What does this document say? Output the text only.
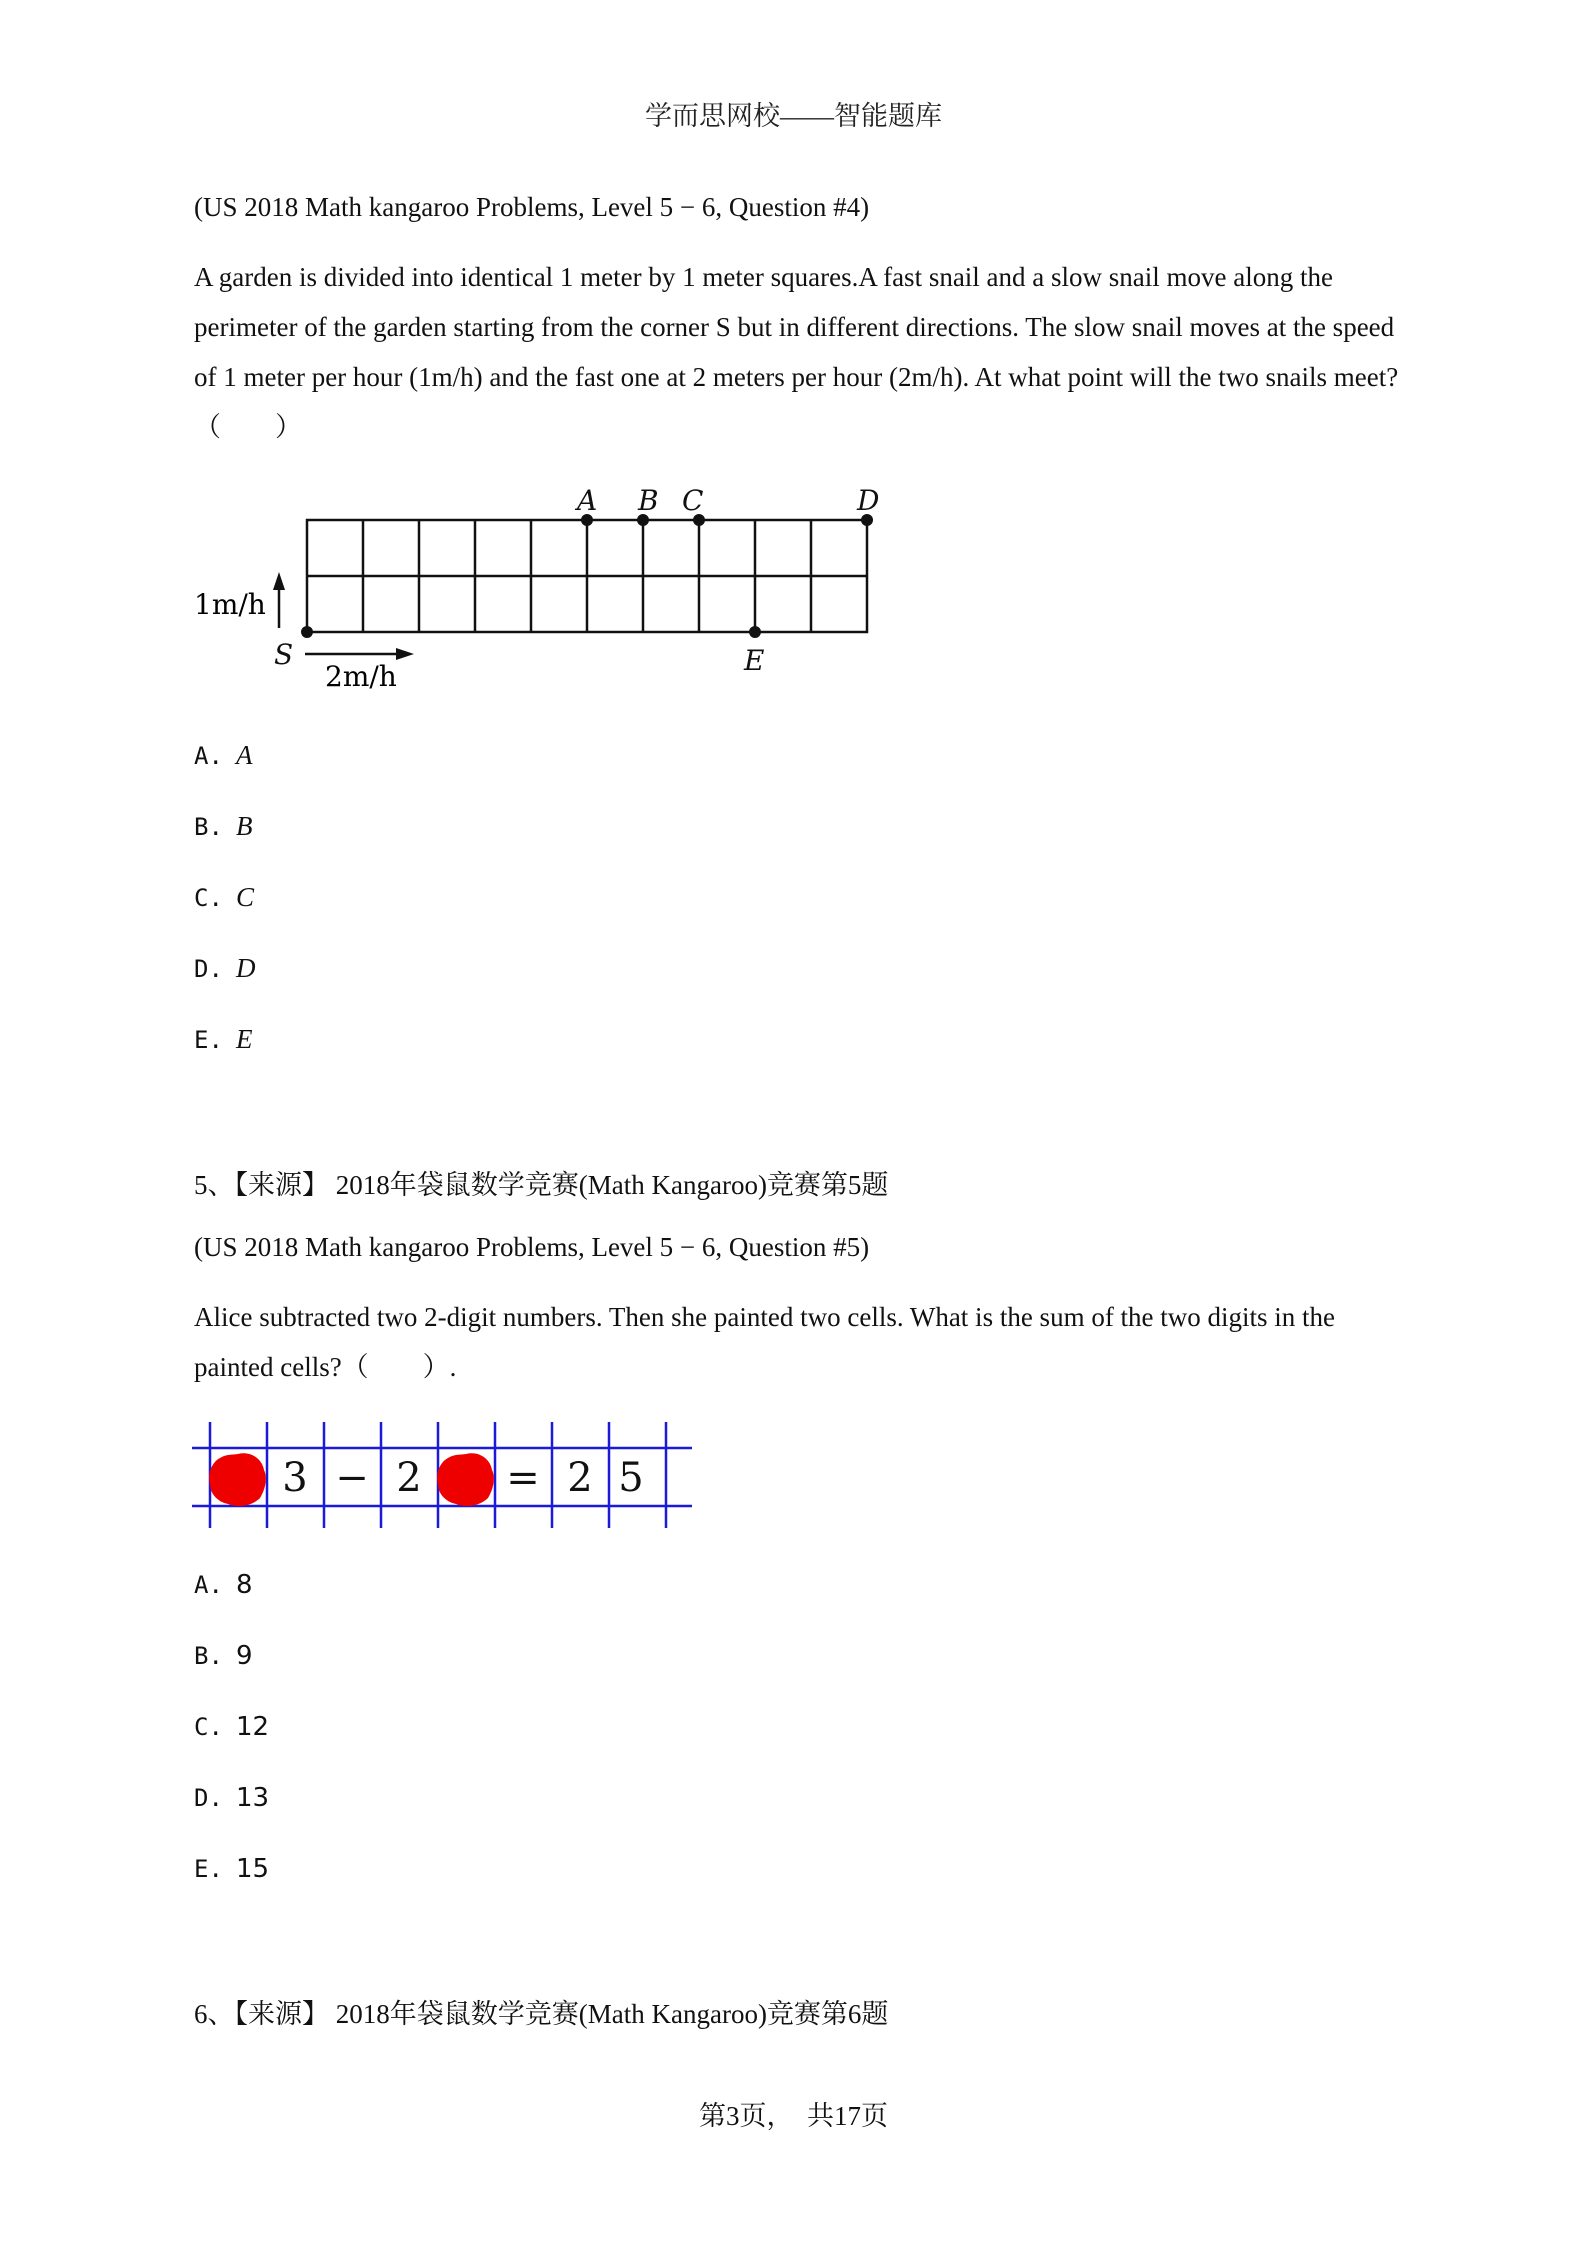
学而思网校——智能题库
(US 2018 Math kangaroo Problems, Level 5 − 6, Question #4)
A garden is divided into identical 1 meter by 1 meter squares.A fast snail and a slow snail move along the perimeter of the garden starting from the corner S but in different directions. The slow snail moves at the speed of 1 meter per hour (1m/h) and the fast one at 2 meters per hour (2m/h). At what point will the two snails meet?（　　）
A B C	D
E
S
1m/h
2m/h
A. A
B. B
C. C
D. D
E. E
5、【来源】 2018年袋鼠数学竞赛(Math Kangaroo)竞赛第5题
(US 2018 Math kangaroo Problems, Level 5 − 6, Question #5)
Alice subtracted two 2-digit numbers. Then she painted two cells. What is the sum of the two digits in the painted cells?（　　）.
3 − 2 = 2 5
A. 8
B. 9
C. 12
D. 13
E. 15
6、【来源】 2018年袋鼠数学竞赛(Math Kangaroo)竞赛第6题
第3页，　共17页
